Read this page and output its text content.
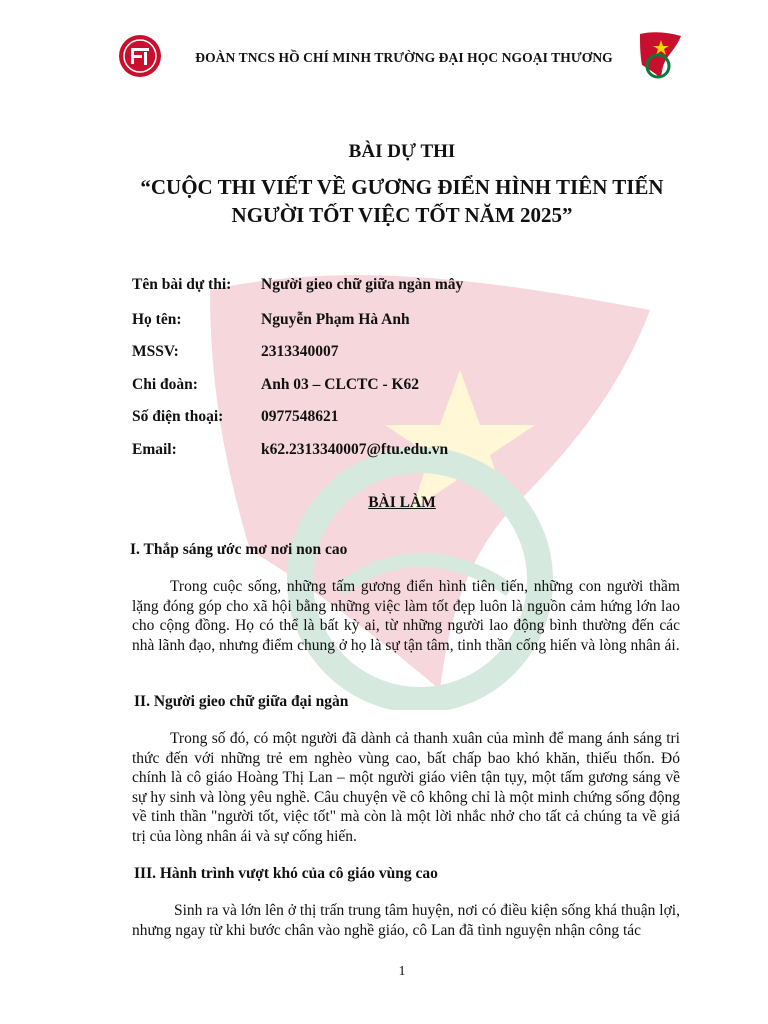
ĐOÀN TNCS HỒ CHÍ MINH TRƯỜNG ĐẠI HỌC NGOẠI THƯƠNG
BÀI DỰ THI
“CUỘC THI VIẾT VỀ GƯƠNG ĐIỂN HÌNH TIÊN TIẾN
NGƯỜI TỐT VIỆC TỐT NĂM 2025”
Tên bài dự thi: Người gieo chữ giữa ngàn mây
Họ tên:	Nguyễn Phạm Hà Anh
MSSV:	2313340007
Chi đoàn:	Anh 03 – CLCTC - K62
Số điện thoại: 0977548621
Email:	k62.2313340007@ftu.edu.vn
BÀI LÀM
I. Thắp sáng ước mơ nơi non cao
Trong cuộc sống, những tấm gương điển hình tiên tiến, những con người thầm lặng đóng góp cho xã hội bằng những việc làm tốt đẹp luôn là nguồn cảm hứng lớn lao cho cộng đồng. Họ có thể là bất kỳ ai, từ những người lao động bình thường đến các nhà lãnh đạo, nhưng điểm chung ở họ là sự tận tâm, tinh thần cống hiến và lòng nhân ái.
II. Người gieo chữ giữa đại ngàn
Trong số đó, có một người đã dành cả thanh xuân của mình để mang ánh sáng tri thức đến với những trẻ em nghèo vùng cao, bất chấp bao khó khăn, thiếu thốn. Đó chính là cô giáo Hoàng Thị Lan – một người giáo viên tận tụy, một tấm gương sáng về sự hy sinh và lòng yêu nghề. Câu chuyện về cô không chỉ là một minh chứng sống động về tinh thần "người tốt, việc tốt" mà còn là một lời nhắc nhở cho tất cả chúng ta về giá trị của lòng nhân ái và sự cống hiến.
III. Hành trình vượt khó của cô giáo vùng cao
Sinh ra và lớn lên ở thị trấn trung tâm huyện, nơi có điều kiện sống khá thuận lợi, nhưng ngay từ khi bước chân vào nghề giáo, cô Lan đã tình nguyện nhận công tác
1
